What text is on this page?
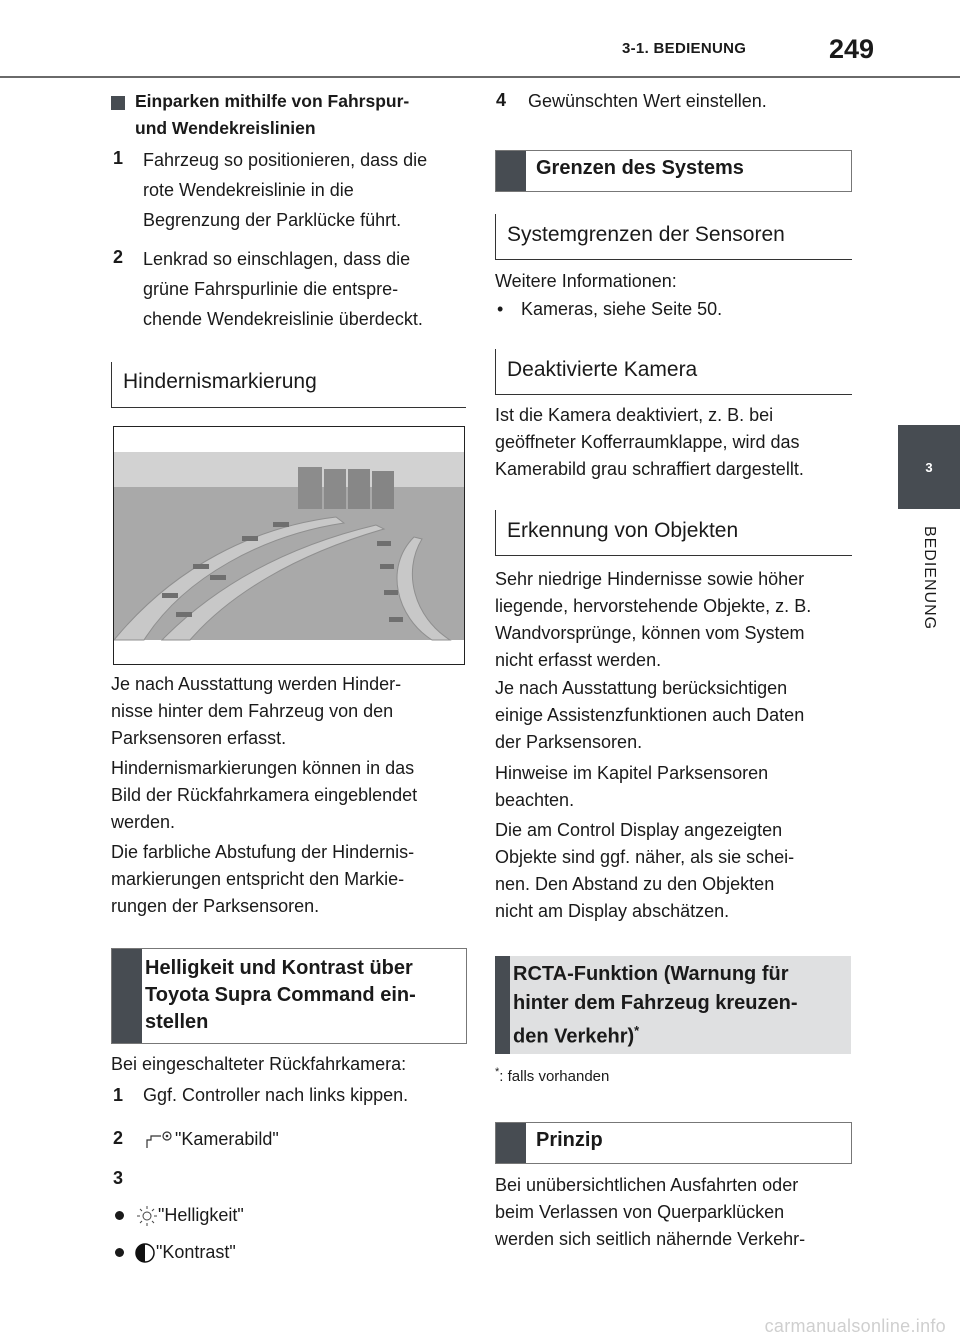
3-1. BEDIENUNG	249
3
BEDIENUNG
Einparken mithilfe von Fahrspur-
und Wendekreislinien
1 Fahrzeug so positionieren, dass die
rote Wendekreislinie in die
Begrenzung der Parklücke führt.
2 Lenkrad so einschlagen, dass die
grüne Fahrspurlinie die entspre-
chende Wendekreislinie überdeckt.
Hindernismarkierung
Je nach Ausstattung werden Hinder-
nisse hinter dem Fahrzeug von den
Parksensoren erfasst.
Hindernismarkierungen können in das
Bild der Rückfahrkamera eingeblendet
werden.
Die farbliche Abstufung der Hindernis-
markierungen entspricht den Markie-
rungen der Parksensoren.
Helligkeit und Kontrast über
Toyota Supra Command ein-
stellen
Bei eingeschalteter Rückfahrkamera:
1 Ggf. Controller nach links kippen.
2	"Kamerabild"
3
"Helligkeit"
"Kontrast"
4 Gewünschten Wert einstellen.
Grenzen des Systems
Systemgrenzen der Sensoren
Weitere Informationen:
• Kameras, siehe Seite 50.
Deaktivierte Kamera
Ist die Kamera deaktiviert, z. B. bei
geöffneter Kofferraumklappe, wird das
Kamerabild grau schraffiert dargestellt.
Erkennung von Objekten
Sehr niedrige Hindernisse sowie höher
liegende, hervorstehende Objekte, z. B.
Wandvorsprünge, können vom System
nicht erfasst werden.
Je nach Ausstattung berücksichtigen
einige Assistenzfunktionen auch Daten
der Parksensoren.
Hinweise im Kapitel Parksensoren
beachten.
Die am Control Display angezeigten
Objekte sind ggf. näher, als sie schei-
nen. Den Abstand zu den Objekten
nicht am Display abschätzen.
RCTA-Funktion (Warnung für
hinter dem Fahrzeug kreuzen-
den Verkehr)*
*: falls vorhanden
Prinzip
Bei unübersichtlichen Ausfahrten oder
beim Verlassen von Querparklücken
werden sich seitlich nähernde Verkehr-
carmanualsonline.info
